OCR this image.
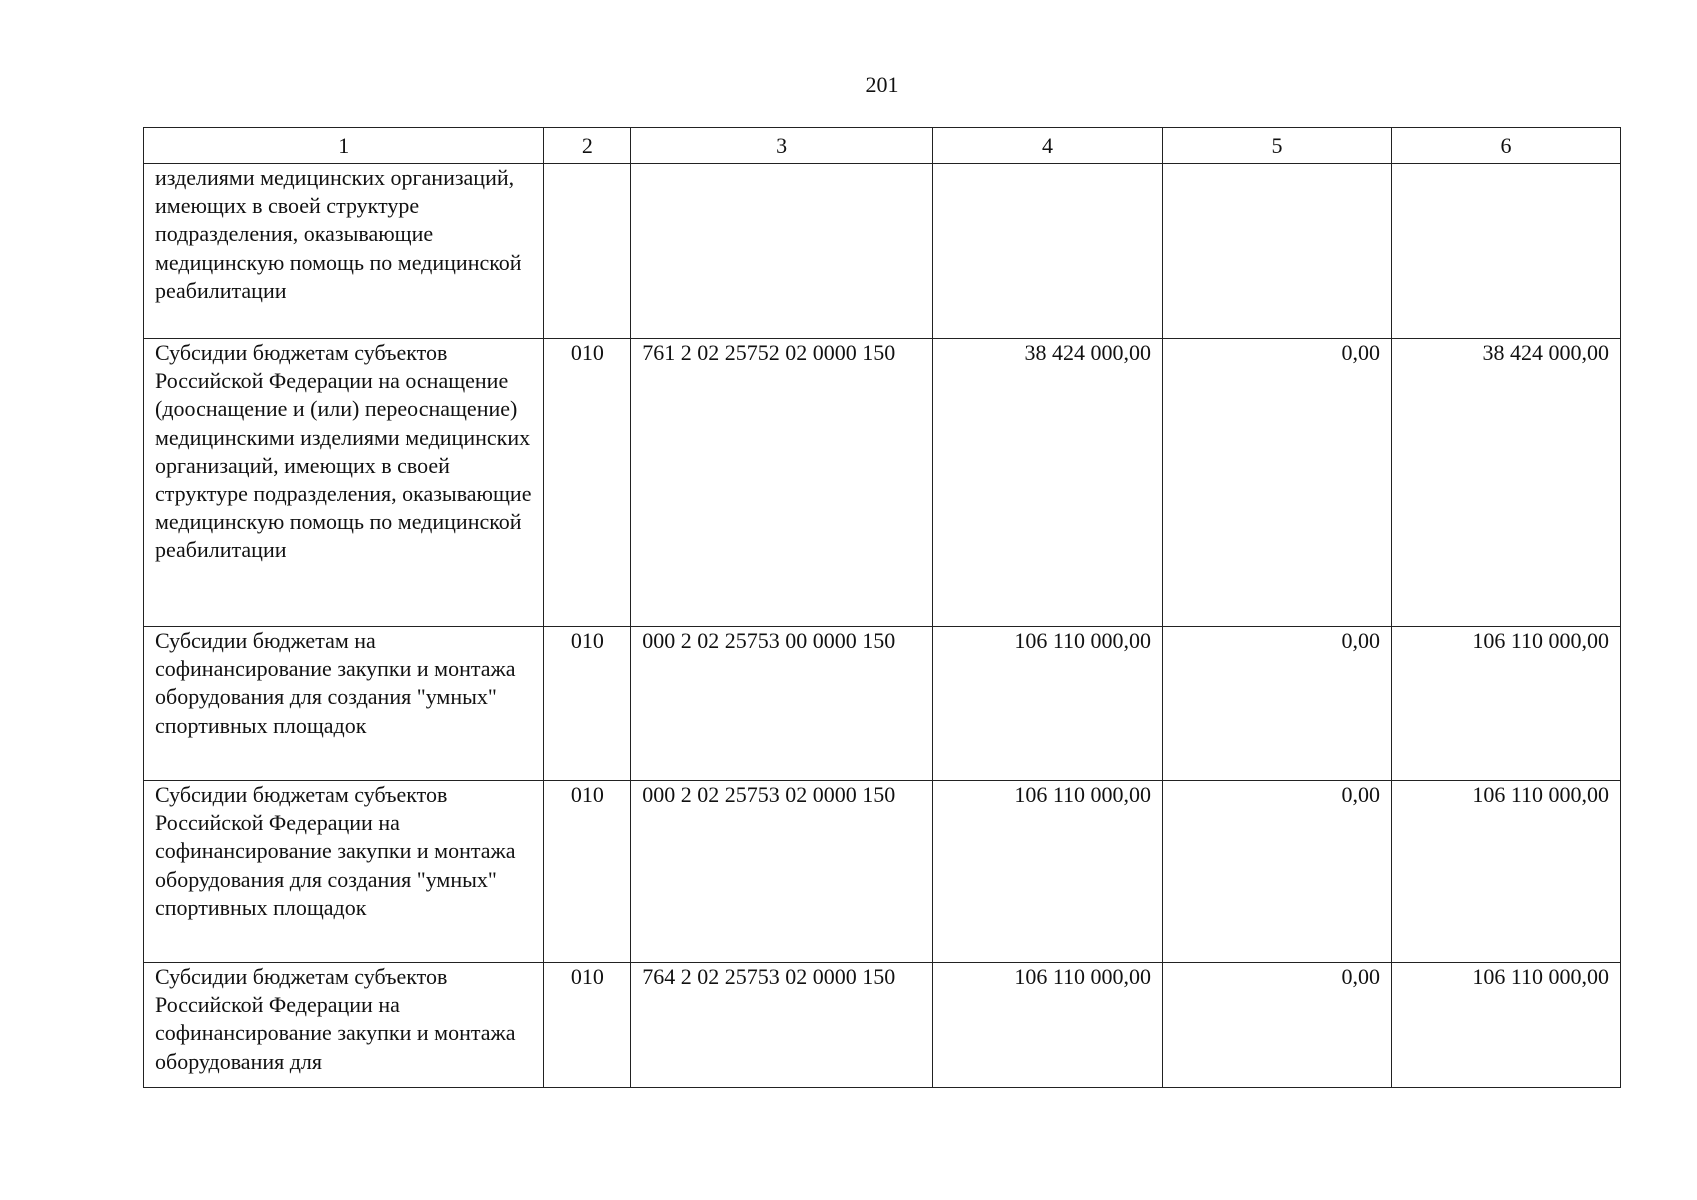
201
1	2	3	4	5	6
изделиями медицинских организаций, имеющих в своей структуре подразделения, оказывающие медицинскую помощь по медицинской реабилитации					
Субсидии бюджетам субъектов Российской Федерации на оснащение (дооснащение и (или) переоснащение) медицинскими изделиями медицинских организаций, имеющих в своей структуре подразделения, оказывающие медицинскую помощь по медицинской реабилитации	010	761 2 02 25752 02 0000 150	38 424 000,00	0,00	38 424 000,00
Субсидии бюджетам на софинансирование закупки и монтажа оборудования для создания "умных" спортивных площадок	010	000 2 02 25753 00 0000 150	106 110 000,00	0,00	106 110 000,00
Субсидии бюджетам субъектов Российской Федерации на софинансирование закупки и монтажа оборудования для создания "умных" спортивных площадок	010	000 2 02 25753 02 0000 150	106 110 000,00	0,00	106 110 000,00
Субсидии бюджетам субъектов Российской Федерации на софинансирование закупки и монтажа оборудования для	010	764 2 02 25753 02 0000 150	106 110 000,00	0,00	106 110 000,00
